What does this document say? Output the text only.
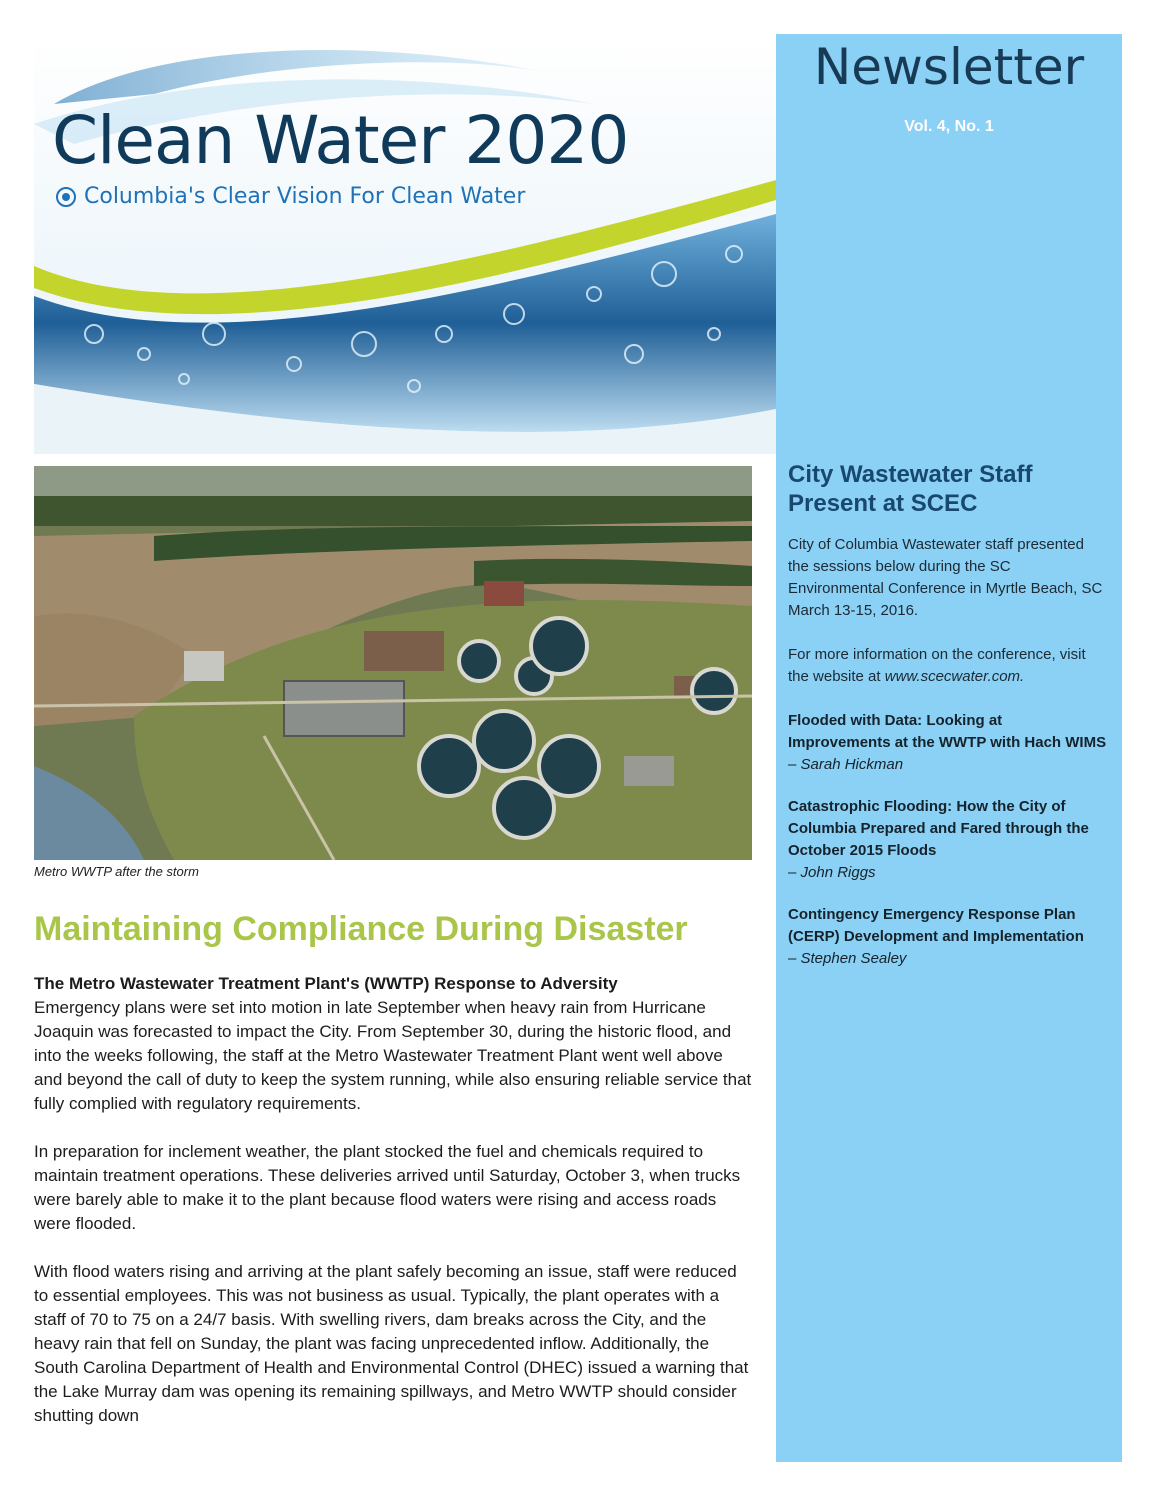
Newsletter
Vol. 4, No. 1
City Wastewater Staff Present at SCEC

City of Columbia Wastewater staff presented the sessions below during the SC Environmental Conference in Myrtle Beach, SC March 13-15, 2016.

For more information on the conference, visit the website at www.scecwater.com.

Flooded with Data: Looking at Improvements at the WWTP with Hach WIMS
– Sarah Hickman
Catastrophic Flooding: How the City of Columbia Prepared and Fared through the October 2015 Floods
– John Riggs
Contingency Emergency Response Plan (CERP) Development and Implementation
– Stephen Sealey
Clean Water 2020
Columbia's Clear Vision For Clean Water
Metro WWTP after the storm
Maintaining Compliance During Disaster

The Metro Wastewater Treatment Plant's (WWTP) Response to Adversity
Emergency plans were set into motion in late September when heavy rain from Hurricane Joaquin was forecasted to impact the City. From September 30, during the historic flood, and into the weeks following, the staff at the Metro Wastewater Treatment Plant went well above and beyond the call of duty to keep the system running, while also ensuring reliable service that fully complied with regulatory requirements.

In preparation for inclement weather, the plant stocked the fuel and chemicals required to maintain treatment operations. These deliveries arrived until Saturday, October 3, when trucks were barely able to make it to the plant because flood waters were rising and access roads were flooded.

With flood waters rising and arriving at the plant safely becoming an issue, staff were reduced to essential employees. This was not business as usual. Typically, the plant operates with a staff of 70 to 75 on a 24/7 basis. With swelling rivers, dam breaks across the City, and the heavy rain that fell on Sunday, the plant was facing unprecedented inflow. Additionally, the South Carolina Department of Health and Environmental Control (DHEC) issued a warning that the Lake Murray dam was opening its remaining spillways, and Metro WWTP should consider shutting down
